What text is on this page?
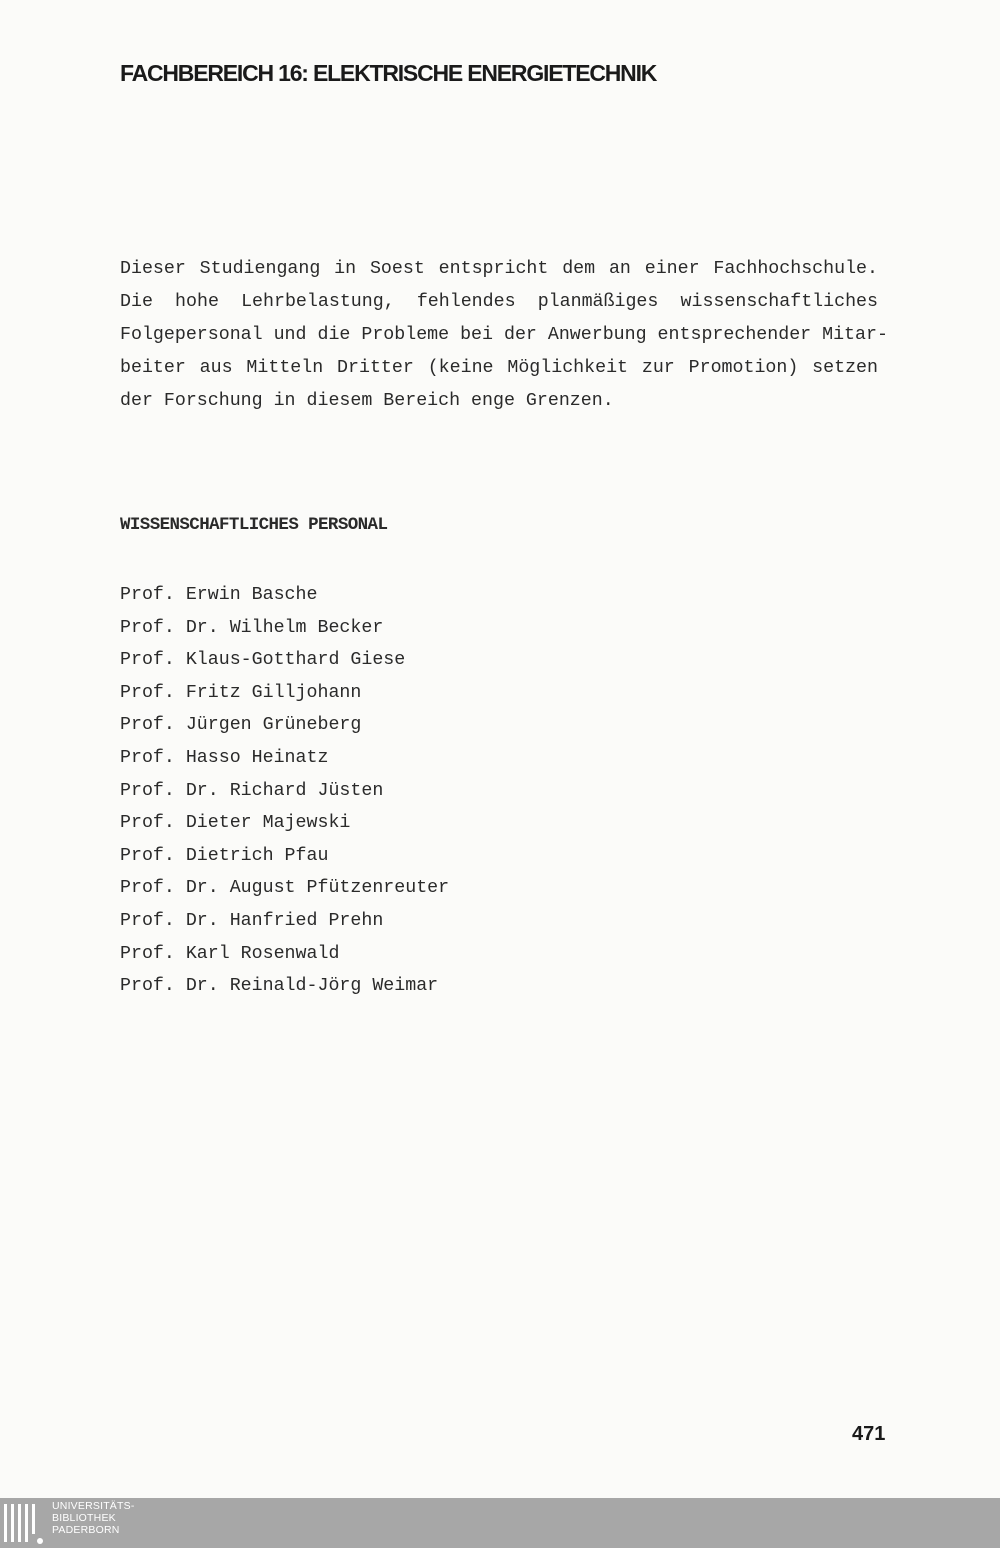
FACHBEREICH 16: ELEKTRISCHE ENERGIETECHNIK
Dieser Studiengang in Soest entspricht dem an einer Fachhochschule.
Die hohe Lehrbelastung, fehlendes planmäßiges wissenschaftliches
Folgepersonal und die Probleme bei der Anwerbung entsprechender Mitar-
beiter aus Mitteln Dritter (keine Möglichkeit zur Promotion) setzen
der Forschung in diesem Bereich enge Grenzen.
WISSENSCHAFTLICHES PERSONAL
Prof. Erwin Basche
Prof. Dr. Wilhelm Becker
Prof. Klaus-Gotthard Giese
Prof. Fritz Gilljohann
Prof. Jürgen Grüneberg
Prof. Hasso Heinatz
Prof. Dr. Richard Jüsten
Prof. Dieter Majewski
Prof. Dietrich Pfau
Prof. Dr. August Pfützenreuter
Prof. Dr. Hanfried Prehn
Prof. Karl Rosenwald
Prof. Dr. Reinald-Jörg Weimar
471
UNIVERSITÄTS-
BIBLIOTHEK
PADERBORN
